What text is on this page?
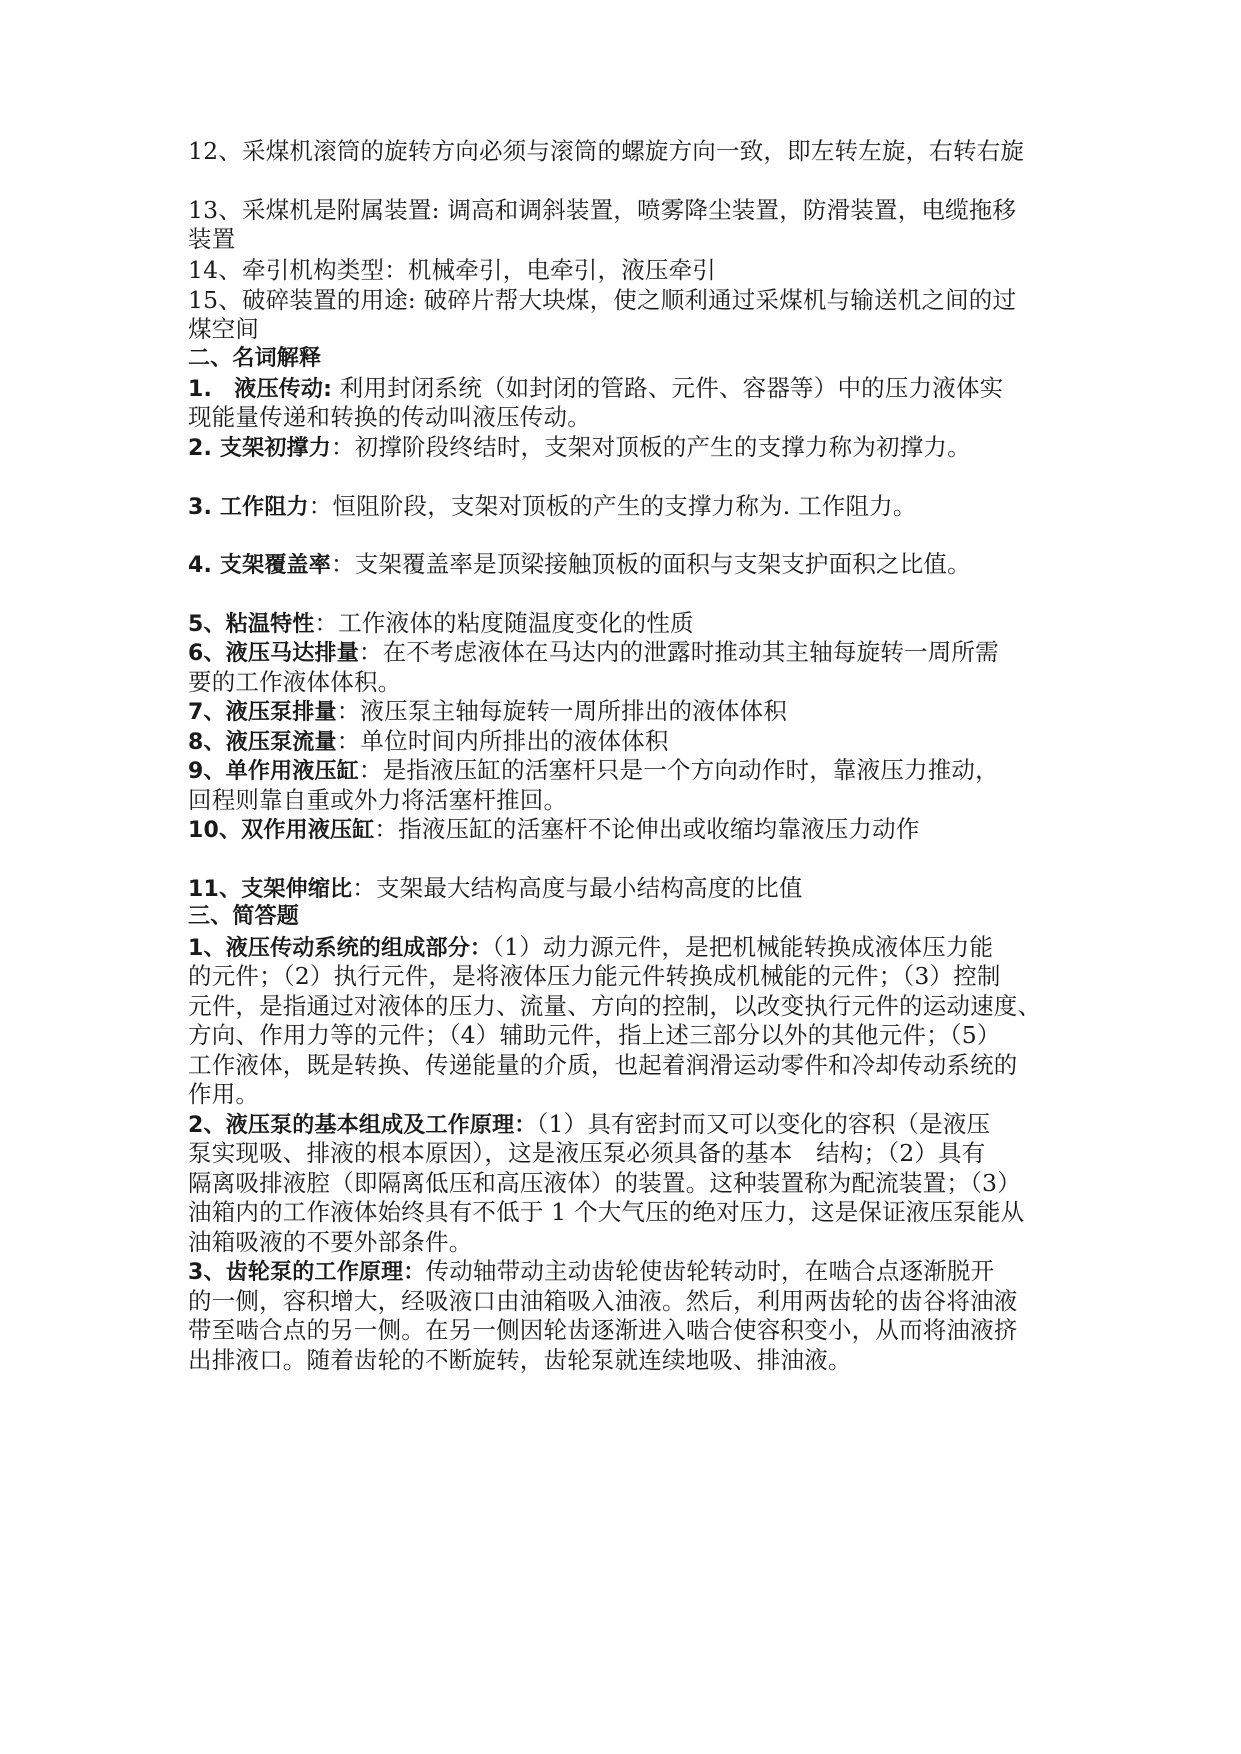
12、采煤机滚筒的旋转方向必须与滚筒的螺旋方向一致，即左转左旋，右转右旋
13、采煤机是附属装置: 调高和调斜装置，喷雾降尘装置，防滑装置，电缆拖移
装置
14、牵引机构类型：机械牵引，电牵引，液压牵引
15、破碎装置的用途: 破碎片帮大块煤，使之顺利通过采煤机与输送机之间的过
煤空间
二、名词解释
1.　液压传动: 利用封闭系统（如封闭的管路、元件、容器等）中的压力液体实
现能量传递和转换的传动叫液压传动。
2. 支架初撑力：初撑阶段终结时，支架对顶板的产生的支撑力称为初撑力。
3. 工作阻力：恒阻阶段，支架对顶板的产生的支撑力称为. 工作阻力。
4. 支架覆盖率：支架覆盖率是顶梁接触顶板的面积与支架支护面积之比值。
5、粘温特性：工作液体的粘度随温度变化的性质
6、液压马达排量：在不考虑液体在马达内的泄露时推动其主轴每旋转一周所需
要的工作液体体积。
7、液压泵排量：液压泵主轴每旋转一周所排出的液体体积
8、液压泵流量：单位时间内所排出的液体体积
9、单作用液压缸：是指液压缸的活塞杆只是一个方向动作时，靠液压力推动，
回程则靠自重或外力将活塞杆推回。
10、双作用液压缸：指液压缸的活塞杆不论伸出或收缩均靠液压力动作
11、支架伸缩比：支架最大结构高度与最小结构高度的比值
三、简答题
1、液压传动系统的组成部分：（1）动力源元件，是把机械能转换成液体压力能
的元件；（2）执行元件，是将液体压力能元件转换成机械能的元件；（3）控制
元件，是指通过对液体的压力、流量、方向的控制，以改变执行元件的运动速度、
方向、作用力等的元件；（4）辅助元件，指上述三部分以外的其他元件；（5）
工作液体，既是转换、传递能量的介质，也起着润滑运动零件和冷却传动系统的
作用。
2、液压泵的基本组成及工作原理：（1）具有密封而又可以变化的容积（是液压
泵实现吸、排液的根本原因），这是液压泵必须具备的基本　结构；（2）具有
隔离吸排液腔（即隔离低压和高压液体）的装置。这种装置称为配流装置；（3）
油箱内的工作液体始终具有不低于 1 个大气压的绝对压力，这是保证液压泵能从
油箱吸液的不要外部条件。
3、齿轮泵的工作原理：传动轴带动主动齿轮使齿轮转动时，在啮合点逐渐脱开
的一侧，容积增大，经吸液口由油箱吸入油液。然后，利用两齿轮的齿谷将油液
带至啮合点的另一侧。在另一侧因轮齿逐渐进入啮合使容积变小，从而将油液挤
出排液口。随着齿轮的不断旋转，齿轮泵就连续地吸、排油液。
